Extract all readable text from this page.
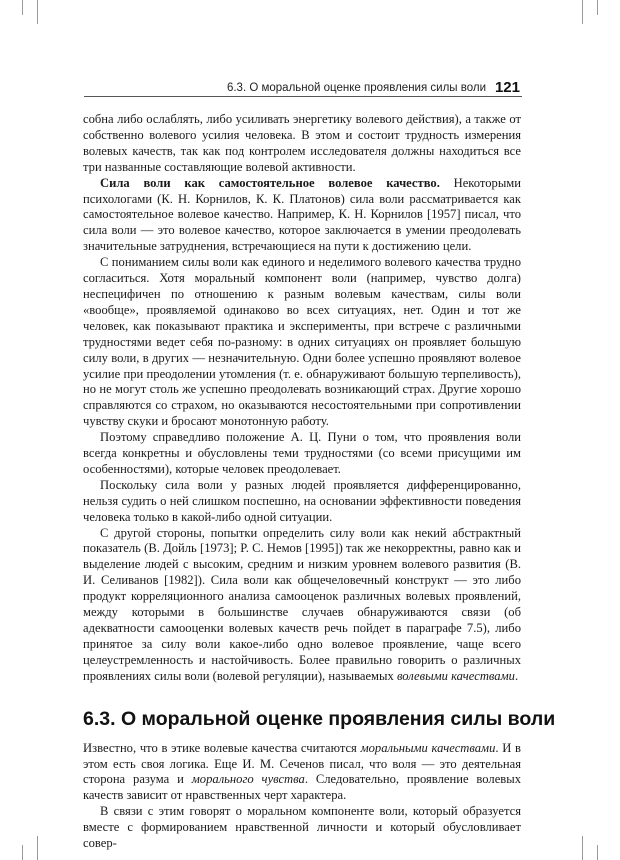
6.3. О моральной оценке проявления силы воли 121

собна либо ослаблять, либо усиливать энергетику волевого действия), а также от собственно волевого усилия человека. В этом и состоит трудность измерения волевых качеств, так как под контролем исследователя должны находиться все три названные составляющие волевой активности.

Сила воли как самостоятельное волевое качество. Некоторыми психологами (К. Н. Корнилов, К. К. Платонов) сила воли рассматривается как самостоятельное волевое качество. Например, К. Н. Корнилов [1957] писал, что сила воли — это волевое качество, которое заключается в умении преодолевать значительные затруднения, встречающиеся на пути к достижению цели.

С пониманием силы воли как единого и неделимого волевого качества трудно согласиться. Хотя моральный компонент воли (например, чувство долга) неспецифичен по отношению к разным волевым качествам, силы воли «вообще», проявляемой одинаково во всех ситуациях, нет. Один и тот же человек, как показывают практика и эксперименты, при встрече с различными трудностями ведет себя по-разному: в одних ситуациях он проявляет большую силу воли, в других — незначительную. Одни более успешно проявляют волевое усилие при преодолении утомления (т. е. обнаруживают большую терпеливость), но не могут столь же успешно преодолевать возникающий страх. Другие хорошо справляются со страхом, но оказываются несостоятельными при сопротивлении чувству скуки и бросают монотонную работу.

Поэтому справедливо положение А. Ц. Пуни о том, что проявления воли всегда конкретны и обусловлены теми трудностями (со всеми присущими им особенностями), которые человек преодолевает.

Поскольку сила воли у разных людей проявляется дифференцированно, нельзя судить о ней слишком поспешно, на основании эффективности поведения человека только в какой-либо одной ситуации.

С другой стороны, попытки определить силу воли как некий абстрактный показатель (В. Дойль [1973]; Р. С. Немов [1995]) так же некорректны, равно как и выделение людей с высоким, средним и низким уровнем волевого развития (В. И. Селиванов [1982]). Сила воли как общечеловечный конструкт — это либо продукт корреляционного анализа самооценок различных волевых проявлений, между которыми в большинстве случаев обнаруживаются связи (об адекватности самооценки волевых качеств речь пойдет в параграфе 7.5), либо принятое за силу воли какое-либо одно волевое проявление, чаще всего целеустремленность и настойчивость. Более правильно говорить о различных проявлениях силы воли (волевой регуляции), называемых волевыми качествами.

6.3. О моральной оценке проявления силы воли

Известно, что в этике волевые качества считаются моральными качествами. И в этом есть своя логика. Еще И. М. Сеченов писал, что воля — это деятельная сторона разума и морального чувства. Следовательно, проявление волевых качеств зависит от нравственных черт характера.

В связи с этим говорят о моральном компоненте воли, который образуется вместе с формированием нравственной личности и который обусловливает совер-
